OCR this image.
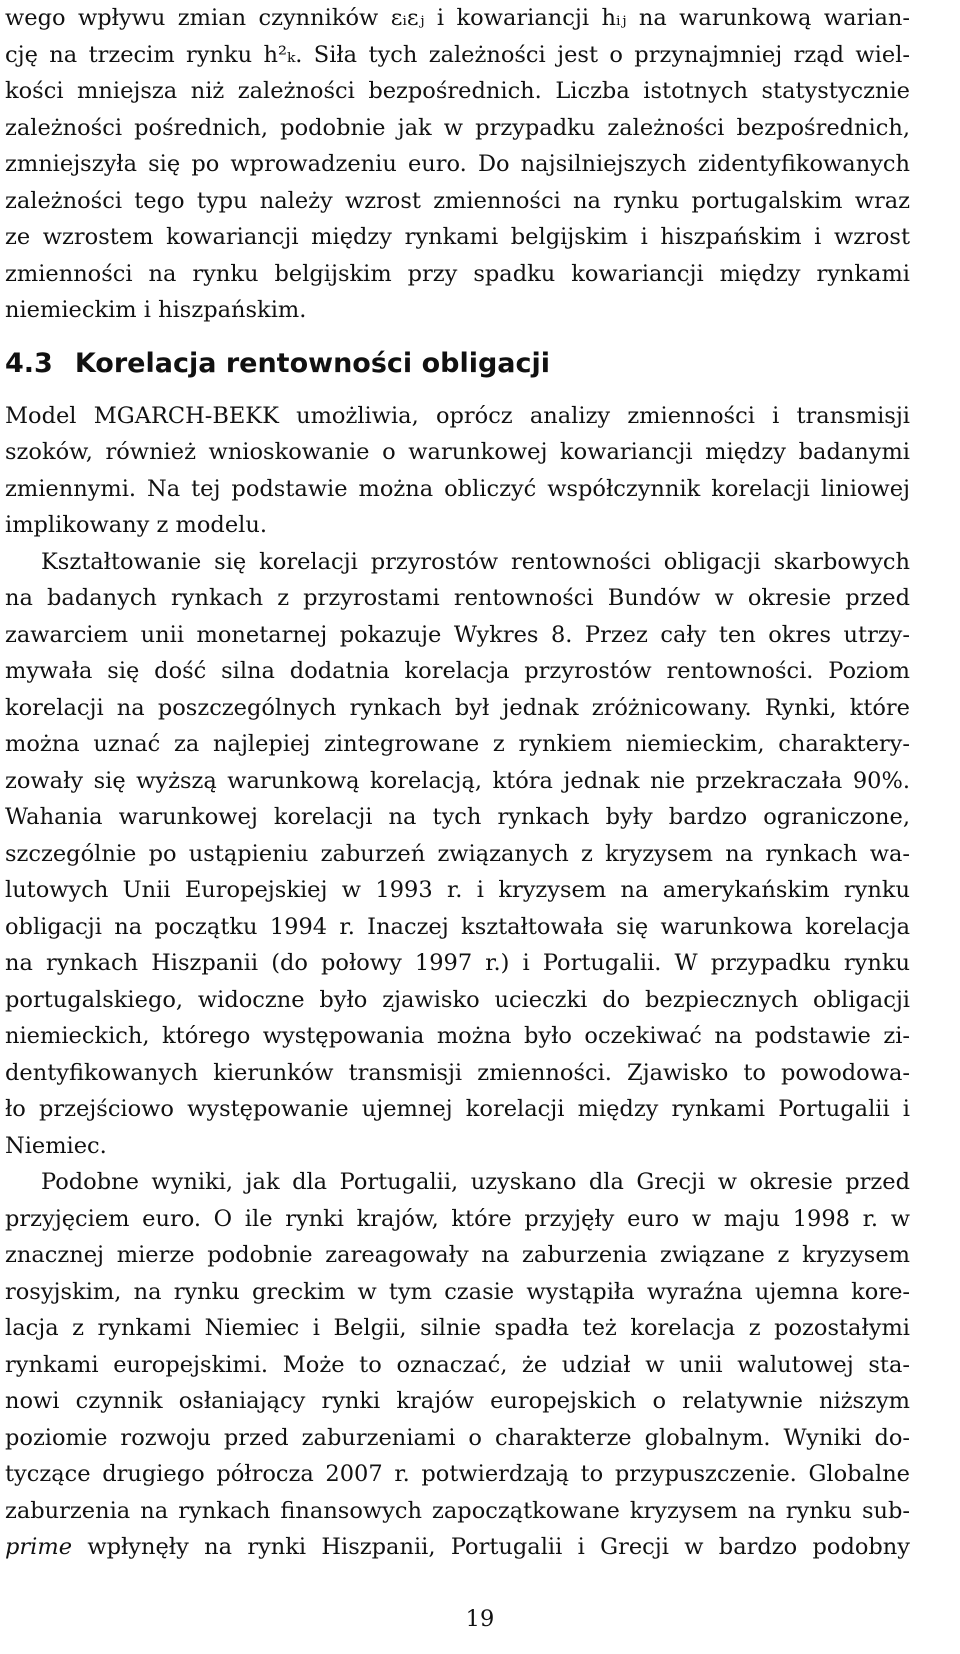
wego wpływu zmian czynników εᵢεⱼ i kowariancji hᵢⱼ na warunkową warian-
cję na trzecim rynku h²ₖ. Siła tych zależności jest o przynajmniej rząd wiel-
kości mniejsza niż zależności bezpośrednich. Liczba istotnych statystycznie
zależności pośrednich, podobnie jak w przypadku zależności bezpośrednich,
zmniejszyła się po wprowadzeniu euro. Do najsilniejszych zidentyfikowanych
zależności tego typu należy wzrost zmienności na rynku portugalskim wraz
ze wzrostem kowariancji między rynkami belgijskim i hiszpańskim i wzrost
zmienności na rynku belgijskim przy spadku kowariancji między rynkami
niemieckim i hiszpańskim.
4.3 Korelacja rentowności obligacji
Model MGARCH-BEKK umożliwia, oprócz analizy zmienności i transmisji
szoków, również wnioskowanie o warunkowej kowariancji między badanymi
zmiennymi. Na tej podstawie można obliczyć współczynnik korelacji liniowej
implikowany z modelu.
Kształtowanie się korelacji przyrostów rentowności obligacji skarbowych
na badanych rynkach z przyrostami rentowności Bundów w okresie przed
zawarciem unii monetarnej pokazuje Wykres 8. Przez cały ten okres utrzy-
mywała się dość silna dodatnia korelacja przyrostów rentowności. Poziom
korelacji na poszczególnych rynkach był jednak zróżnicowany. Rynki, które
można uznać za najlepiej zintegrowane z rynkiem niemieckim, charaktery-
zowały się wyższą warunkową korelacją, która jednak nie przekraczała 90%.
Wahania warunkowej korelacji na tych rynkach były bardzo ograniczone,
szczególnie po ustąpieniu zaburzeń związanych z kryzysem na rynkach wa-
lutowych Unii Europejskiej w 1993 r. i kryzysem na amerykańskim rynku
obligacji na początku 1994 r. Inaczej kształtowała się warunkowa korelacja
na rynkach Hiszpanii (do połowy 1997 r.) i Portugalii. W przypadku rynku
portugalskiego, widoczne było zjawisko ucieczki do bezpiecznych obligacji
niemieckich, którego występowania można było oczekiwać na podstawie zi-
dentyfikowanych kierunków transmisji zmienności. Zjawisko to powodowa-
ło przejściowo występowanie ujemnej korelacji między rynkami Portugalii i
Niemiec.
Podobne wyniki, jak dla Portugalii, uzyskano dla Grecji w okresie przed
przyjęciem euro. O ile rynki krajów, które przyjęły euro w maju 1998 r. w
znacznej mierze podobnie zareagowały na zaburzenia związane z kryzysem
rosyjskim, na rynku greckim w tym czasie wystąpiła wyraźna ujemna kore-
lacja z rynkami Niemiec i Belgii, silnie spadła też korelacja z pozostałymi
rynkami europejskimi. Może to oznaczać, że udział w unii walutowej sta-
nowi czynnik osłaniający rynki krajów europejskich o relatywnie niższym
poziomie rozwoju przed zaburzeniami o charakterze globalnym. Wyniki do-
tyczące drugiego półrocza 2007 r. potwierdzają to przypuszczenie. Globalne
zaburzenia na rynkach finansowych zapoczątkowane kryzysem na rynku sub-
prime wpłynęły na rynki Hiszpanii, Portugalii i Grecji w bardzo podobny
19
